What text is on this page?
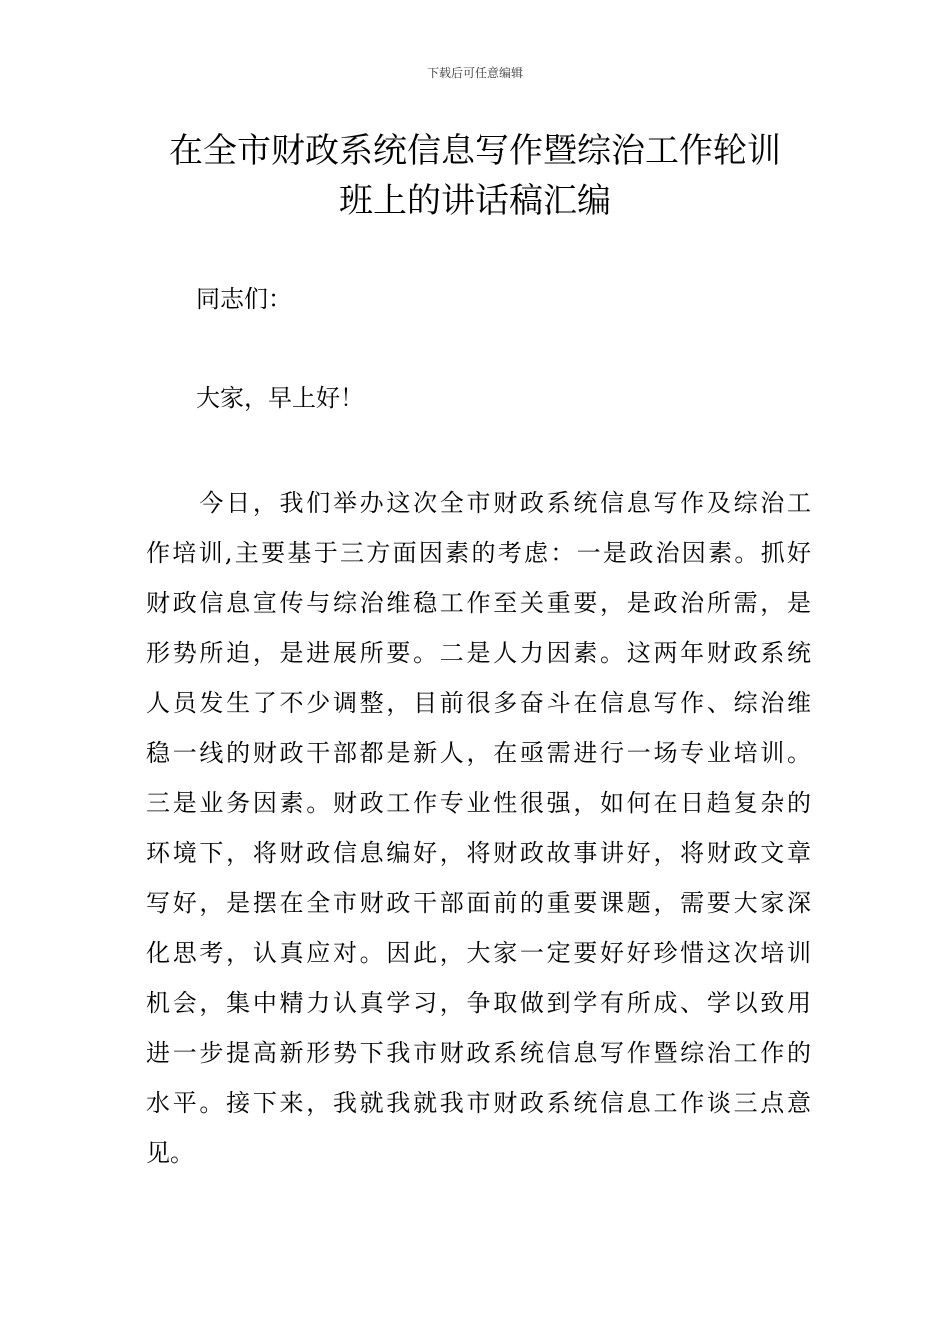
下载后可任意编辑
在全市财政系统信息写作暨综治工作轮训
班上的讲话稿汇编

同志们：

大家，早上好！

　　今日，我们举办这次全市财政系统信息写作及综治工
作培训,主要基于三方面因素的考虑：一是政治因素。抓好
财政信息宣传与综治维稳工作至关重要，是政治所需，是
形势所迫，是进展所要。二是人力因素。这两年财政系统
人员发生了不少调整，目前很多奋斗在信息写作、综治维
稳一线的财政干部都是新人，在亟需进行一场专业培训。
三是业务因素。财政工作专业性很强，如何在日趋复杂的
环境下，将财政信息编好，将财政故事讲好，将财政文章
写好，是摆在全市财政干部面前的重要课题，需要大家深
化思考，认真应对。因此，大家一定要好好珍惜这次培训
机会，集中精力认真学习，争取做到学有所成、学以致用
进一步提高新形势下我市财政系统信息写作暨综治工作的
水平。接下来，我就我就我市财政系统信息工作谈三点意
见。
